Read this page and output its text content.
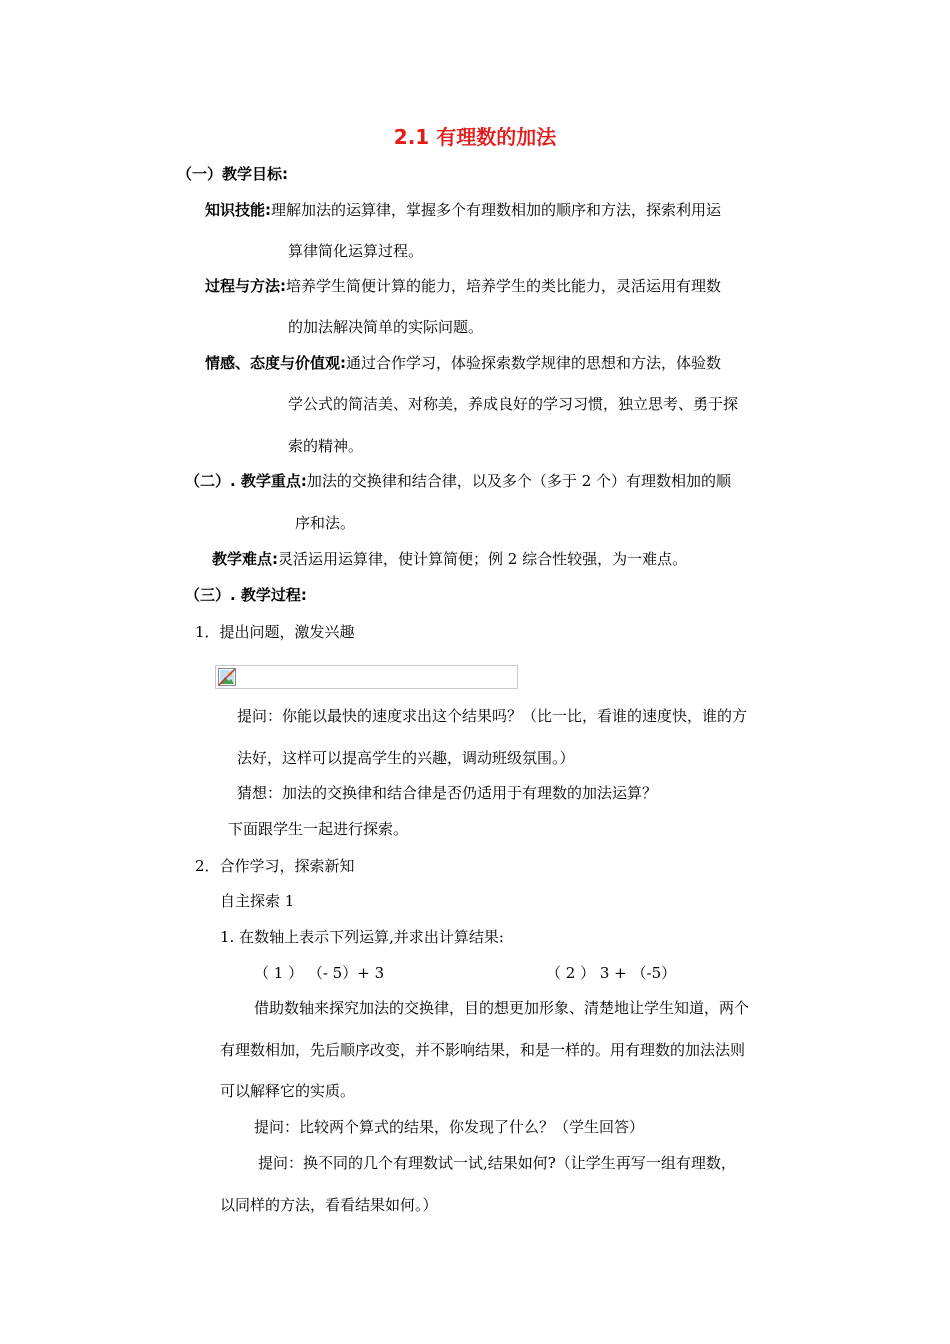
2.1 有理数的加法
（一）教学目标:
知识技能:理解加法的运算律，掌握多个有理数相加的顺序和方法，探索利用运
算律简化运算过程。
过程与方法:培养学生简便计算的能力，培养学生的类比能力，灵活运用有理数
的加法解决简单的实际问题。
情感、态度与价值观:通过合作学习，体验探索数学规律的思想和方法，体验数
学公式的简洁美、对称美，养成良好的学习习惯，独立思考、勇于探
索的精神。
（二）. 教学重点:加法的交换律和结合律，以及多个（多于 2 个）有理数相加的顺
序和法。
教学难点:灵活运用运算律，使计算简便；例 2 综合性较强，为一难点。
（三）. 教学过程:
1．提出问题，激发兴趣
提问：你能以最快的速度求出这个结果吗？（比一比，看谁的速度快，谁的方
法好，这样可以提高学生的兴趣，调动班级氛围。）
猜想：加法的交换律和结合律是否仍适用于有理数的加法运算？
下面跟学生一起进行探索。
2．合作学习，探索新知
自主探索 1
1. 在数轴上表示下列运算,并求出计算结果:
（ 1 ） （- 5）+ 3	（ 2 ） 3 + （-5）
借助数轴来探究加法的交换律，目的想更加形象、清楚地让学生知道，两个
有理数相加，先后顺序改变，并不影响结果，和是一样的。用有理数的加法法则
可以解释它的实质。
提问：比较两个算式的结果，你发现了什么？（学生回答）
提问：换不同的几个有理数试一试,结果如何?（让学生再写一组有理数，
以同样的方法，看看结果如何。）
